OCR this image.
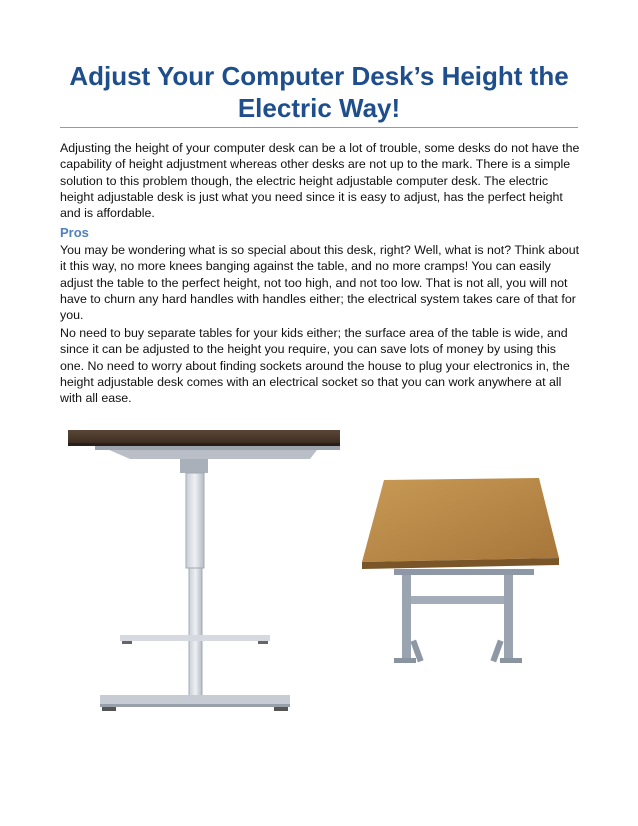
Adjust Your Computer Desk’s Height the Electric Way!

Adjusting the height of your computer desk can be a lot of trouble, some desks do not have the capability of height adjustment whereas other desks are not up to the mark. There is a simple solution to this problem though, the electric height adjustable computer desk. The electric height adjustable desk is just what you need since it is easy to adjust, has the perfect height and is affordable.

Pros

You may be wondering what is so special about this desk, right? Well, what is not? Think about it this way, no more knees banging against the table, and no more cramps! You can easily adjust the table to the perfect height, not too high, and not too low. That is not all, you will not have to churn any hard handles with handles either; the electrical system takes care of that for you.

No need to buy separate tables for your kids either; the surface area of the table is wide, and since it can be adjusted to the height you require, you can save lots of money by using this one. No need to worry about finding sockets around the house to plug your electronics in, the height adjustable desk comes with an electrical socket so that you can work anywhere at all with all ease.
